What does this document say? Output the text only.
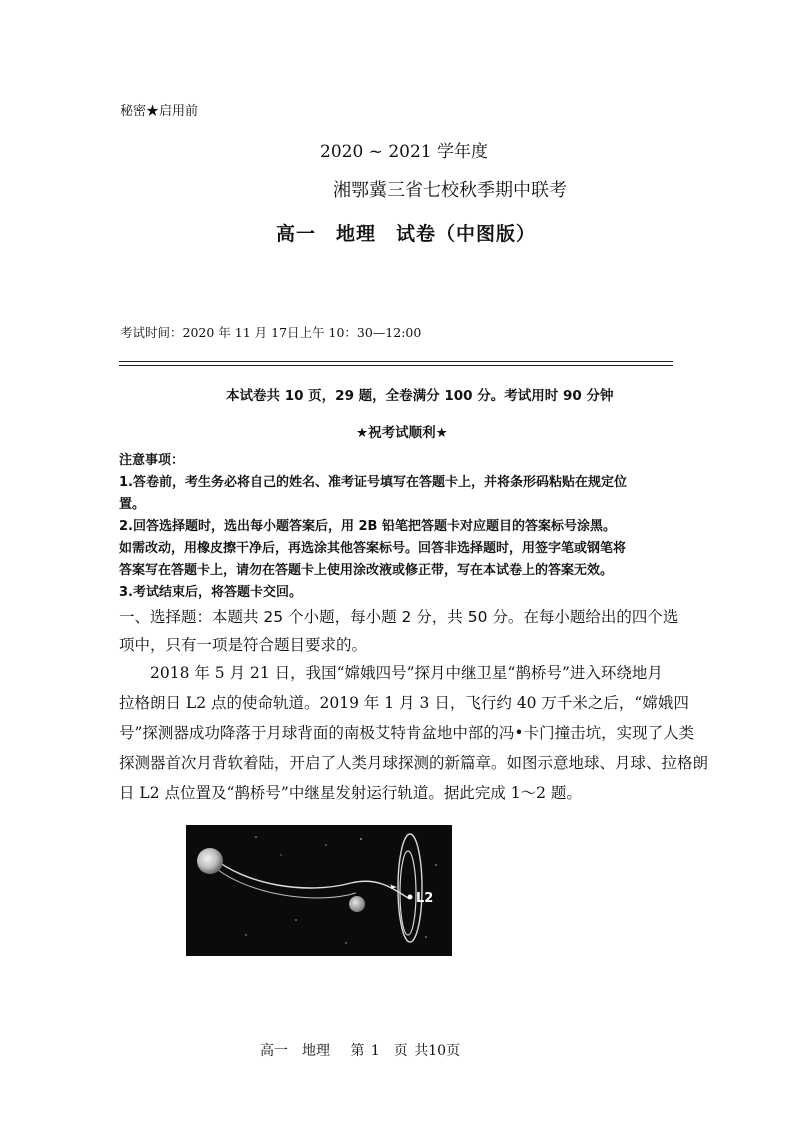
秘密★启用前
2020 ~ 2021 学年度
湘鄂冀三省七校秋季期中联考
高一　地理　试卷（中图版）
考试时间：2020 年 11 月 17日上午 10：30—12:00
本试卷共 10 页，29 题，全卷满分 100 分。考试用时 90 分钟
★祝考试顺利★
注意事项：
1.答卷前，考生务必将自己的姓名、准考证号填写在答题卡上，并将条形码粘贴在规定位
置。
2.回答选择题时，选出每小题答案后，用 2B 铅笔把答题卡对应题目的答案标号涂黑。
如需改动，用橡皮擦干净后，再选涂其他答案标号。回答非选择题时，用签字笔或钢笔将
答案写在答题卡上，请勿在答题卡上使用涂改液或修正带，写在本试卷上的答案无效。
3.考试结束后，将答题卡交回。
一、选择题：本题共 25 个小题，每小题 2 分，共 50 分。在每小题给出的四个选
项中，只有一项是符合题目要求的。
　　2018 年 5 月 21 日，我国“嫦娥四号”探月中继卫星“鹊桥号”进入环绕地月
拉格朗日 L2 点的使命轨道。2019 年 1 月 3 日，飞行约 40 万千米之后，“嫦娥四
号”探测器成功降落于月球背面的南极艾特肯盆地中部的冯•卡门撞击坑，实现了人类
探测器首次月背软着陆，开启了人类月球探测的新篇章。如图示意地球、月球、拉格朗
日 L2 点位置及“鹊桥号”中继星发射运行轨道。据此完成 1～2 题。
L2
高一　地理　 第 1　页 共10页
